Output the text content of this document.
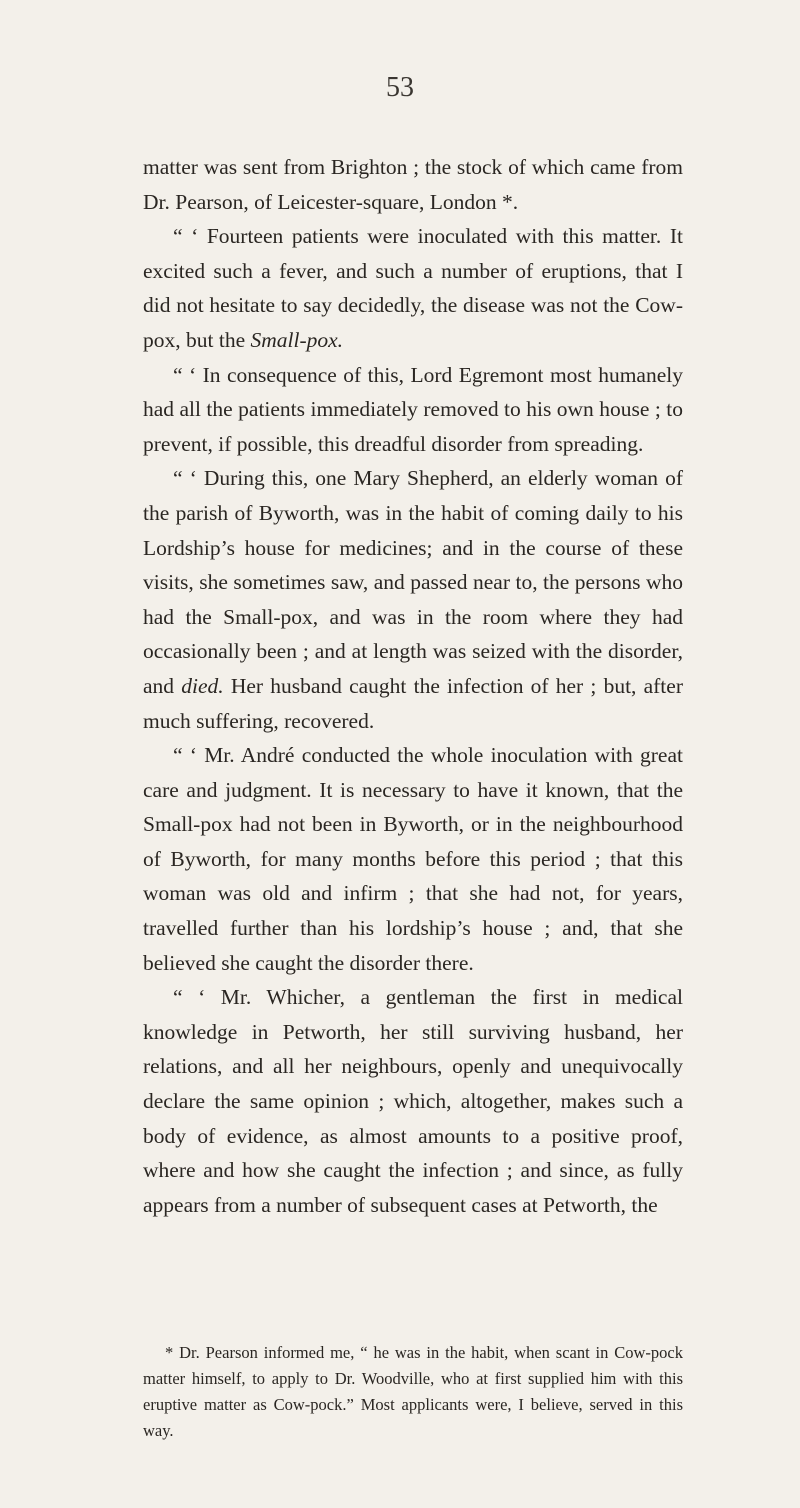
53

matter was sent from Brighton ; the stock of which came from Dr. Pearson, of Leicester-square, London *.

“ ‘ Fourteen patients were inoculated with this matter. It excited such a fever, and such a number of eruptions, that I did not hesitate to say decidedly, the disease was not the Cow-pox, but the Small-pox.

“ ‘ In consequence of this, Lord Egremont most humanely had all the patients immediately removed to his own house ; to prevent, if possible, this dreadful disorder from spreading.

“ ‘ During this, one Mary Shepherd, an elderly woman of the parish of Byworth, was in the habit of coming daily to his Lordship’s house for medicines; and in the course of these visits, she sometimes saw, and passed near to, the persons who had the Small-pox, and was in the room where they had occasionally been ; and at length was seized with the disorder, and died. Her husband caught the infection of her ; but, after much suffering, recovered.

“ ‘ Mr. André conducted the whole inoculation with great care and judgment. It is necessary to have it known, that the Small-pox had not been in Byworth, or in the neighbourhood of Byworth, for many months before this period ; that this woman was old and infirm ; that she had not, for years, travelled further than his lordship’s house ; and, that she believed she caught the disorder there.

“ ‘ Mr. Whicher, a gentleman the first in medical knowledge in Petworth, her still surviving husband, her relations, and all her neighbours, openly and unequivocally declare the same opinion ; which, altogether, makes such a body of evidence, as almost amounts to a positive proof, where and how she caught the infection ; and since, as fully appears from a number of subsequent cases at Petworth, the

* Dr. Pearson informed me, “ he was in the habit, when scant in Cow-pock matter himself, to apply to Dr. Woodville, who at first supplied him with this eruptive matter as Cow-pock.” Most applicants were, I believe, served in this way.
